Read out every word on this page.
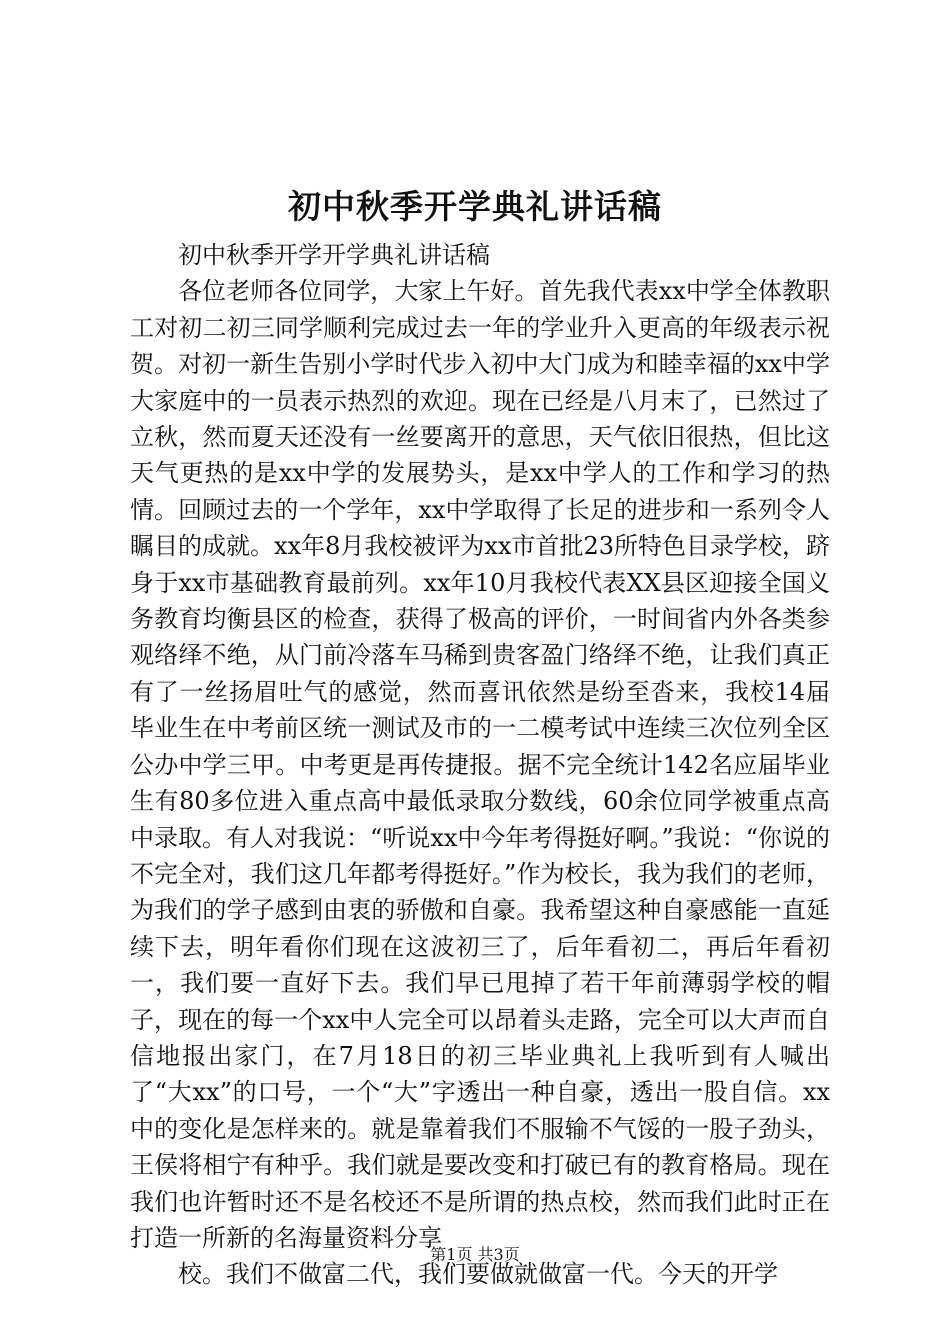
初中秋季开学典礼讲话稿

初中秋季开学开学典礼讲话稿

各位老师各位同学，大家上午好。首先我代表xx中学全体教职工对初二初三同学顺利完成过去一年的学业升入更高的年级表示祝贺。对初一新生告别小学时代步入初中大门成为和睦幸福的xx中学大家庭中的一员表示热烈的欢迎。现在已经是八月末了，已然过了立秋，然而夏天还没有一丝要离开的意思，天气依旧很热，但比这天气更热的是xx中学的发展势头，是xx中学人的工作和学习的热情。回顾过去的一个学年，xx中学取得了长足的进步和一系列令人瞩目的成就。xx年8月我校被评为xx市首批23所特色目录学校，跻身于xx市基础教育最前列。xx年10月我校代表XX县区迎接全国义务教育均衡县区的检查，获得了极高的评价，一时间省内外各类参观络绎不绝，从门前冷落车马稀到贵客盈门络绎不绝，让我们真正有了一丝扬眉吐气的感觉，然而喜讯依然是纷至沓来，我校14届毕业生在中考前区统一测试及市的一二模考试中连续三次位列全区公办中学三甲。中考更是再传捷报。据不完全统计142名应届毕业生有80多位进入重点高中最低录取分数线，60余位同学被重点高中录取。有人对我说：“听说xx中今年考得挺好啊。”我说：“你说的不完全对，我们这几年都考得挺好。”作为校长，我为我们的老师，为我们的学子感到由衷的骄傲和自豪。我希望这种自豪感能一直延续下去，明年看你们现在这波初三了，后年看初二，再后年看初一，我们要一直好下去。我们早已甩掉了若干年前薄弱学校的帽子，现在的每一个xx中人完全可以昂着头走路，完全可以大声而自信地报出家门，在7月18日的初三毕业典礼上我听到有人喊出了“大xx”的口号，一个“大”字透出一种自豪，透出一股自信。xx中的变化是怎样来的。就是靠着我们不服输不气馁的一股子劲头，王侯将相宁有种乎。我们就是要改变和打破已有的教育格局。现在我们也许暂时还不是名校还不是所谓的热点校，然而我们此时正在打造一所新的名海量资料分享

校。我们不做富二代，我们要做就做富一代。今天的开学

第1页 共3页
